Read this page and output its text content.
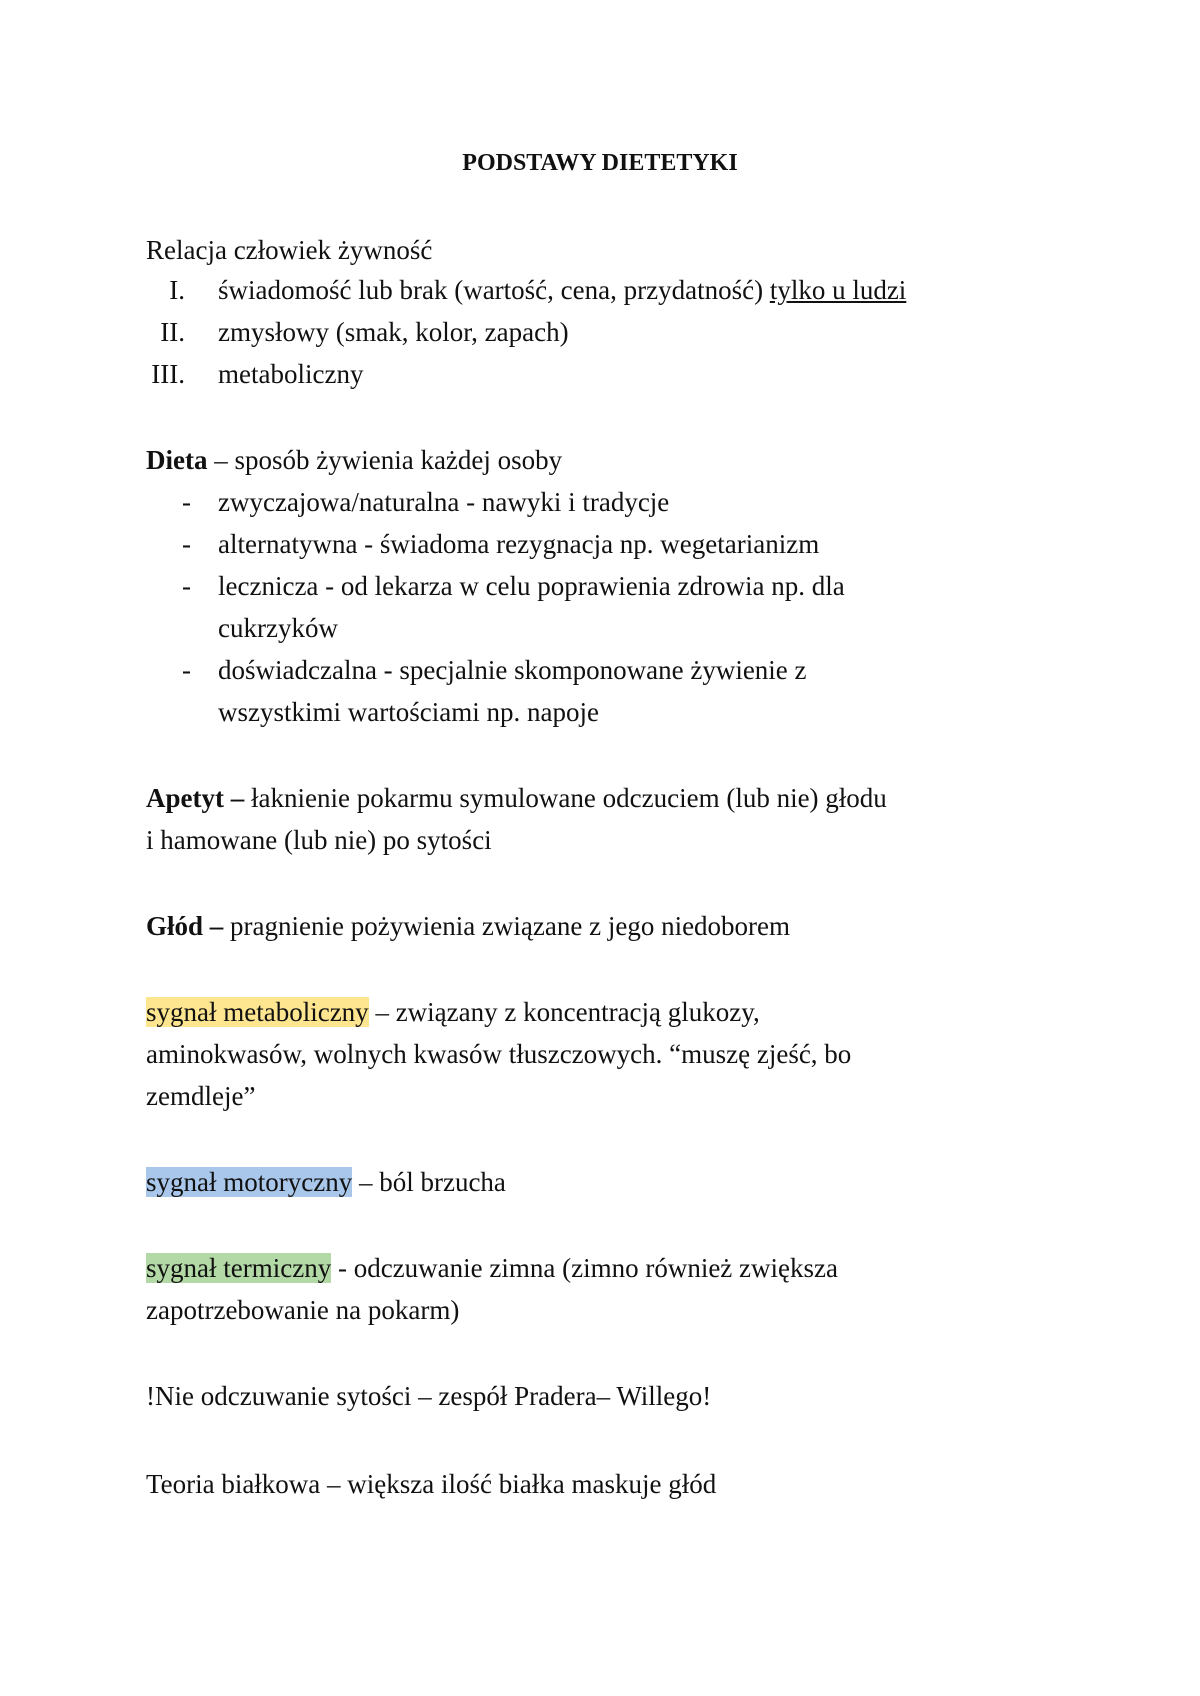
PODSTAWY DIETETYKI
Relacja człowiek żywność
I. świadomość lub brak (wartość, cena, przydatność) tylko u ludzi
II. zmysłowy (smak, kolor, zapach)
III. metaboliczny
Dieta – sposób żywienia każdej osoby
- zwyczajowa/naturalna - nawyki i tradycje
- alternatywna - świadoma rezygnacja np. wegetarianizm
- lecznicza - od lekarza w celu poprawienia zdrowia np. dla
cukrzyków
- doświadczalna - specjalnie skomponowane żywienie z
wszystkimi wartościami np. napoje
Apetyt – łaknienie pokarmu symulowane odczuciem (lub nie) głodu
i hamowane (lub nie) po sytości
Głód – pragnienie pożywienia związane z jego niedoborem
sygnał metaboliczny – związany z koncentracją glukozy,
aminokwasów, wolnych kwasów tłuszczowych. “muszę zjeść, bo
zemdleje”
sygnał motoryczny – ból brzucha
sygnał termiczny - odczuwanie zimna (zimno również zwiększa
zapotrzebowanie na pokarm)
!Nie odczuwanie sytości – zespół Pradera– Willego!
Teoria białkowa – większa ilość białka maskuje głód
